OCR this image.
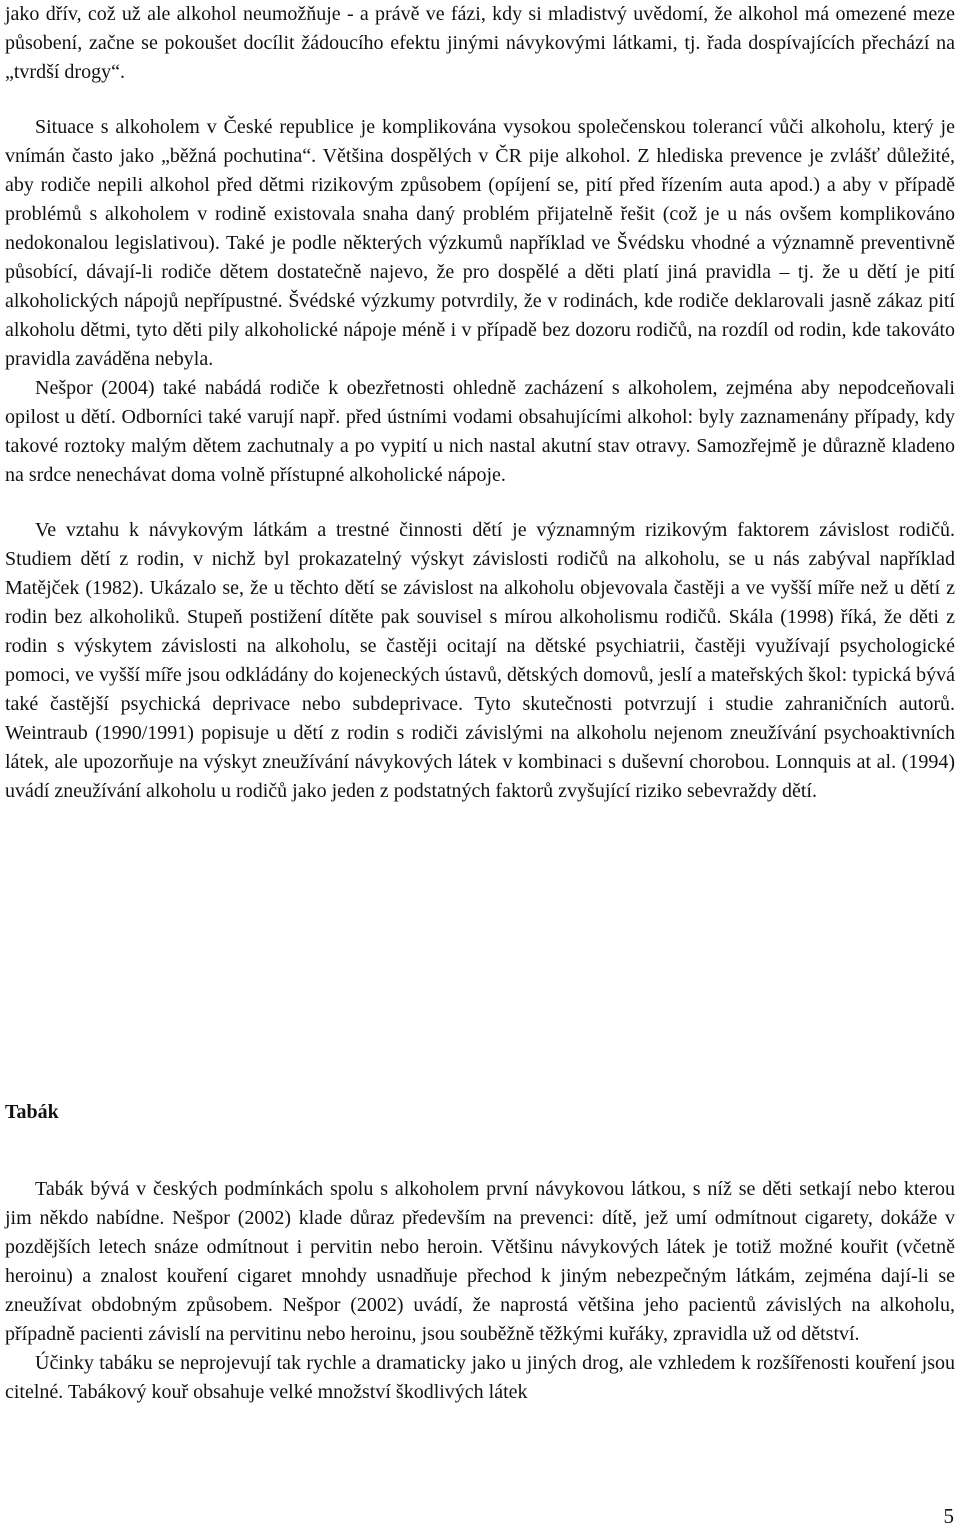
jako dřív, což už ale alkohol neumožňuje - a právě ve fázi, kdy si mladistvý uvědomí, že alkohol má omezené meze působení, začne se pokoušet docílit žádoucího efektu jinými návykovými látkami, tj. řada dospívajících přechází na „tvrdší drogy“.

Situace s alkoholem v České republice je komplikována vysokou společenskou tolerancí vůči alkoholu, který je vnímán často jako „běžná pochutina“. Většina dospělých v ČR pije alkohol. Z hlediska prevence je zvlášť důležité, aby rodiče nepili alkohol před dětmi rizikovým způsobem (opíjení se, pití před řízením auta apod.) a aby v případě problémů s alkoholem v rodině existovala snaha daný problém přijatelně řešit (což je u nás ovšem komplikováno nedokonalou legislativou). Také je podle některých výzkumů například ve Švédsku vhodné a významně preventivně působící, dávají-li rodiče dětem dostatečně najevo, že pro dospělé a děti platí jiná pravidla – tj. že u dětí je pití alkoholických nápojů nepřípustné. Švédské výzkumy potvrdily, že v rodinách, kde rodiče deklarovali jasně zákaz pití alkoholu dětmi, tyto děti pily alkoholické nápoje méně i v případě bez dozoru rodičů, na rozdíl od rodin, kde takováto pravidla zaváděna nebyla.

Nešpor (2004) také nabádá rodiče k obezřetnosti ohledně zacházení s alkoholem, zejména aby nepodceňovali opilost u dětí. Odborníci také varují např. před ústními vodami obsahujícími alkohol: byly zaznamenány případy, kdy takové roztoky malým dětem zachutnaly a po vypití u nich nastal akutní stav otravy. Samozřejmě je důrazně kladeno na srdce nenechávat doma volně přístupné alkoholické nápoje.

Ve vztahu k návykovým látkám a trestné činnosti dětí je významným rizikovým faktorem závislost rodičů. Studiem dětí z rodin, v nichž byl prokazatelný výskyt závislosti rodičů na alkoholu, se u nás zabýval například Matějček (1982). Ukázalo se, že u těchto dětí se závislost na alkoholu objevovala častěji a ve vyšší míře než u dětí z rodin bez alkoholiků. Stupeň postižení dítěte pak souvisel s mírou alkoholismu rodičů. Skála (1998) říká, že děti z rodin s výskytem závislosti na alkoholu, se častěji ocitají na dětské psychiatrii, častěji využívají psychologické pomoci, ve vyšší míře jsou odkládány do kojeneckých ústavů, dětských domovů, jeslí a mateřských škol: typická bývá také častější psychická deprivace nebo subdeprivace. Tyto skutečnosti potvrzují i studie zahraničních autorů. Weintraub (1990/1991) popisuje u dětí z rodin s rodiči závislými na alkoholu nejenom zneužívání psychoaktivních látek, ale upozorňuje na výskyt zneužívání návykových látek v kombinaci s duševní chorobou. Lonnquis at al. (1994) uvádí zneužívání alkoholu u rodičů jako jeden z podstatných faktorů zvyšující riziko sebevraždy dětí.

Tabák

Tabák bývá v českých podmínkách spolu s alkoholem první návykovou látkou, s níž se děti setkají nebo kterou jim někdo nabídne. Nešpor (2002) klade důraz především na prevenci: dítě, jež umí odmítnout cigarety, dokáže v pozdějších letech snáze odmítnout i pervitin nebo heroin. Většinu návykových látek je totiž možné kouřit (včetně heroinu) a znalost kouření cigaret mnohdy usnadňuje přechod k jiným nebezpečným látkám, zejména dají-li se zneužívat obdobným způsobem. Nešpor (2002) uvádí, že naprostá většina jeho pacientů závislých na alkoholu, případně pacienti závislí na pervitinu nebo heroinu, jsou souběžně těžkými kuřáky, zpravidla už od dětství.

Účinky tabáku se neprojevují tak rychle a dramaticky jako u jiných drog, ale vzhledem k rozšířenosti kouření jsou citelné. Tabákový kouř obsahuje velké množství škodlivých látek

5
